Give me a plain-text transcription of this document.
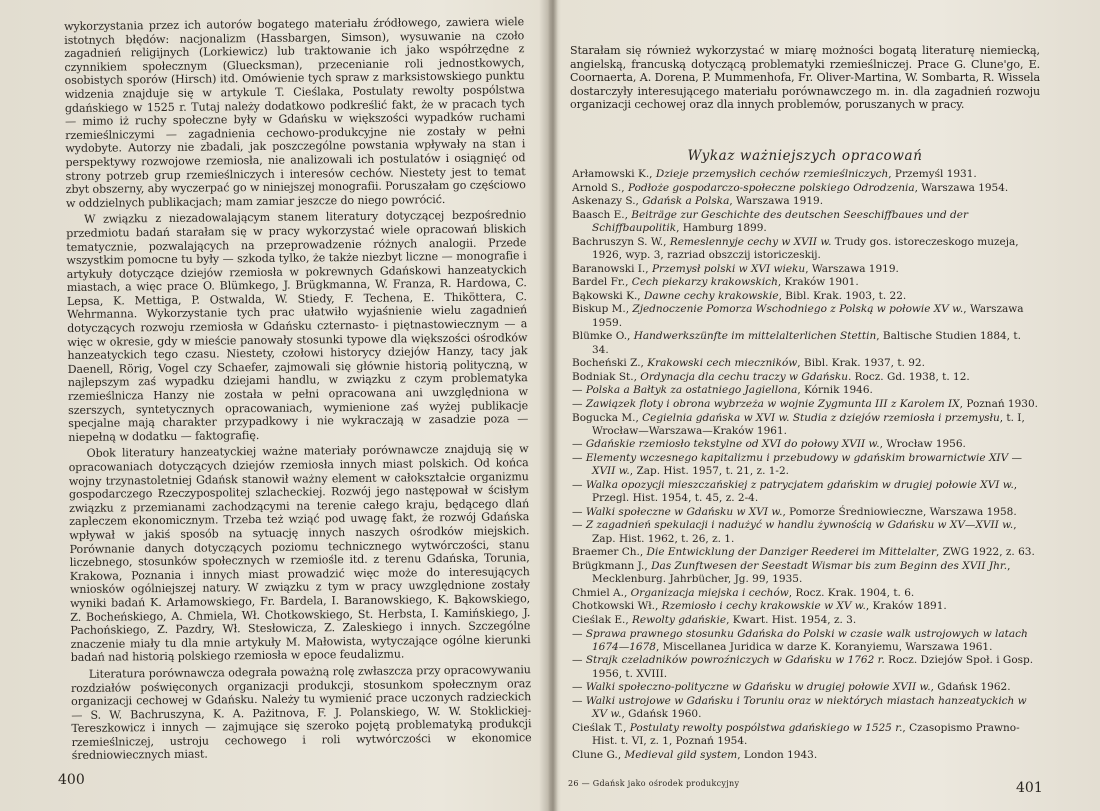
wykorzystania przez ich autorów bogatego materiału źródłowego, zawiera wiele istotnych błędów: nacjonalizm (Hassbargen, Simson), wysuwanie na czoło zagadnień religijnych (Lorkiewicz) lub traktowanie ich jako współrzędne z czynnikiem społecznym (Gluecksman), przecenianie roli jednostkowych, osobistych sporów (Hirsch) itd. Omówienie tych spraw z marksistowskiego punktu widzenia znajduje się w artykule T. Cieślaka, Postulaty rewolty pospólstwa gdańskiego w 1525 r. Tutaj należy dodatkowo podkreślić fakt, że w pracach tych — mimo iż ruchy społeczne były w Gdańsku w większości wypadków ruchami rzemieślniczymi — zagadnienia cechowo-produkcyjne nie zostały w pełni wydobyte. Autorzy nie zbadali, jak poszczególne powstania wpływały na stan i perspektywy rozwojowe rzemiosła, nie analizowali ich postulatów i osiągnięć od strony potrzeb grup rzemieślniczych i interesów cechów. Niestety jest to temat zbyt obszerny, aby wyczerpać go w niniejszej monografii. Poruszałam go częściowo w oddzielnych publikacjach; mam zamiar jeszcze do niego powrócić.

W związku z niezadowalającym stanem literatury dotyczącej bezpośrednio przedmiotu badań starałam się w pracy wykorzystać wiele opracowań bliskich tematycznie, pozwalających na przeprowadzenie różnych analogii. Przede wszystkim pomocne tu były — szkoda tylko, że także niezbyt liczne — monografie i artykuły dotyczące dziejów rzemiosła w pokrewnych Gdańskowi hanzeatyckich miastach, a więc prace O. Blümkego, J. Brügkmanna, W. Franza, R. Hardowa, C. Lepsa, K. Mettiga, P. Ostwalda, W. Stiedy, F. Techena, E. Thiköttera, C. Wehrmanna. Wykorzystanie tych prac ułatwiło wyjaśnienie wielu zagadnień dotyczących rozwoju rzemiosła w Gdańsku czternasto- i piętnastowiecznym — a więc w okresie, gdy w mieście panowały stosunki typowe dla większości ośrodków hanzeatyckich tego czasu. Niestety, czołowi historycy dziejów Hanzy, tacy jak Daenell, Rörig, Vogel czy Schaefer, zajmowali się głównie historią polityczną, w najlepszym zaś wypadku dziejami handlu, w związku z czym problematyka rzemieślnicza Hanzy nie została w pełni opracowana ani uwzględniona w szerszych, syntetycznych opracowaniach, wymienione zaś wyżej publikacje specjalne mają charakter przypadkowy i nie wykraczają w zasadzie poza — niepełną w dodatku — faktografię.

Obok literatury hanzeatyckiej ważne materiały porównawcze znajdują się w opracowaniach dotyczących dziejów rzemiosła innych miast polskich. Od końca wojny trzynastoletniej Gdańsk stanowił ważny element w całokształcie organizmu gospodarczego Rzeczypospolitej szlacheckiej. Rozwój jego następował w ścisłym związku z przemianami zachodzącymi na terenie całego kraju, będącego dlań zapleczem ekonomicznym. Trzeba też wziąć pod uwagę fakt, że rozwój Gdańska wpływał w jakiś sposób na sytuację innych naszych ośrodków miejskich. Porównanie danych dotyczących poziomu technicznego wytwórczości, stanu liczebnego, stosunków społecznych w rzemiośle itd. z terenu Gdańska, Torunia, Krakowa, Poznania i innych miast prowadzić więc może do interesujących wniosków ogólniejszej natury. W związku z tym w pracy uwzględnione zostały wyniki badań K. Arłamowskiego, Fr. Bardela, I. Baranowskiego, K. Bąkowskiego, Z. Bocheńskiego, A. Chmiela, Wł. Chotkowskiego, St. Herbsta, I. Kamińskiego, J. Pachońskiego, Z. Pazdry, Wł. Stesłowicza, Z. Zaleskiego i innych. Szczególne znaczenie miały tu dla mnie artykuły M. Małowista, wytyczające ogólne kierunki badań nad historią polskiego rzemiosła w epoce feudalizmu.

Literatura porównawcza odegrała poważną rolę zwłaszcza przy opracowywaniu rozdziałów poświęconych organizacji produkcji, stosunkom społecznym oraz organizacji cechowej w Gdańsku. Należy tu wymienić prace uczonych radzieckich — S. W. Bachruszyna, K. A. Pażitnova, F. J. Polanskiego, W. W. Stoklickiej-Tereszkowicz i innych — zajmujące się szeroko pojętą problematyką produkcji rzemieślniczej, ustroju cechowego i roli wytwórczości w ekonomice średniowiecznych miast.

400

Starałam się również wykorzystać w miarę możności bogatą literaturę niemiecką, angielską, francuską dotyczącą problematyki rzemieślniczej. Prace G. Clune'go, E. Coornaerta, A. Dorena, P. Mummenhofa, Fr. Oliver-Martina, W. Sombarta, R. Wissela dostarczyły interesującego materiału porównawczego m. in. dla zagadnień rozwoju organizacji cechowej oraz dla innych problemów, poruszanych w pracy.

Wykaz ważniejszych opracowań
Arłamowski K., Dzieje przemysłich cechów rzemieślniczych, Przemyśl 1931.
Arnold S., Podłoże gospodarczo-społeczne polskiego Odrodzenia, Warszawa 1954.
Askenazy S., Gdańsk a Polska, Warszawa 1919.
Baasch E., Beiträge zur Geschichte des deutschen Seeschiffbaues und der Schiffbaupolitik, Hamburg 1899.
Bachruszyn S. W., Remeslennyje cechy w XVII w. Trudy gos. istoreczeskogo muzeja, 1926, wyp. 3, razriad obszczij istoriczeskij.
Baranowski I., Przemysł polski w XVI wieku, Warszawa 1919.
Bardel Fr., Cech piekarzy krakowskich, Kraków 1901.
Bąkowski K., Dawne cechy krakowskie, Bibl. Krak. 1903, t. 22.
Biskup M., Zjednoczenie Pomorza Wschodniego z Polską w połowie XV w., Warszawa 1959.
Blümke O., Handwerkszünfte im mittelalterlichen Stettin, Baltische Studien 1884, t. 34.
Bocheński Z., Krakowski cech mieczników, Bibl. Krak. 1937, t. 92.
Bodniak St., Ordynacja dla cechu traczy w Gdańsku. Rocz. Gd. 1938, t. 12.
— Polska a Bałtyk za ostatniego Jagiellona, Kórnik 1946.
— Zawiązek floty i obrona wybrzeża w wojnie Zygmunta III z Karolem IX, Poznań 1930.
Bogucka M., Cegielnia gdańska w XVI w. Studia z dziejów rzemiosła i przemysłu, t. I, Wrocław—Warszawa—Kraków 1961.
— Gdańskie rzemiosło tekstylne od XVI do połowy XVII w., Wrocław 1956.
— Elementy wczesnego kapitalizmu i przebudowy w gdańskim browarnictwie XIV — XVII w., Zap. Hist. 1957, t. 21, z. 1-2.
— Walka opozycji mieszczańskiej z patrycjatem gdańskim w drugiej połowie XVI w., Przegl. Hist. 1954, t. 45, z. 2-4.
— Walki społeczne w Gdańsku w XVI w., Pomorze Średniowieczne, Warszawa 1958.
— Z zagadnień spekulacji i nadużyć w handlu żywnością w Gdańsku w XV—XVII w., Zap. Hist. 1962, t. 26, z. 1.
Braemer Ch., Die Entwicklung der Danziger Reederei im Mittelalter, ZWG 1922, z. 63.
Brügkmann J., Das Zunftwesen der Seestadt Wismar bis zum Beginn des XVII Jhr., Mecklenburg. Jahrbücher, Jg. 99, 1935.
Chmiel A., Organizacja miejska i cechów, Rocz. Krak. 1904, t. 6.
Chotkowski Wł., Rzemiosło i cechy krakowskie w XV w., Kraków 1891.
Cieślak E., Rewolty gdańskie, Kwart. Hist. 1954, z. 3.
— Sprawa prawnego stosunku Gdańska do Polski w czasie walk ustrojowych w latach 1674—1678, Miscellanea Juridica w darze K. Koranyiemu, Warszawa 1961.
— Strajk czeladników powroźniczych w Gdańsku w 1762 r. Rocz. Dziejów Społ. i Gosp. 1956, t. XVIII.
— Walki społeczno-polityczne w Gdańsku w drugiej połowie XVII w., Gdańsk 1962.
— Walki ustrojowe w Gdańsku i Toruniu oraz w niektórych miastach hanzeatyckich w XV w., Gdańsk 1960.
Cieślak T., Postulaty rewolty pospólstwa gdańskiego w 1525 r., Czasopismo Prawno-Hist. t. VI, z. 1, Poznań 1954.
Clune G., Medieval gild system, London 1943.
26 — Gdańsk jako ośrodek produkcyjny	401
